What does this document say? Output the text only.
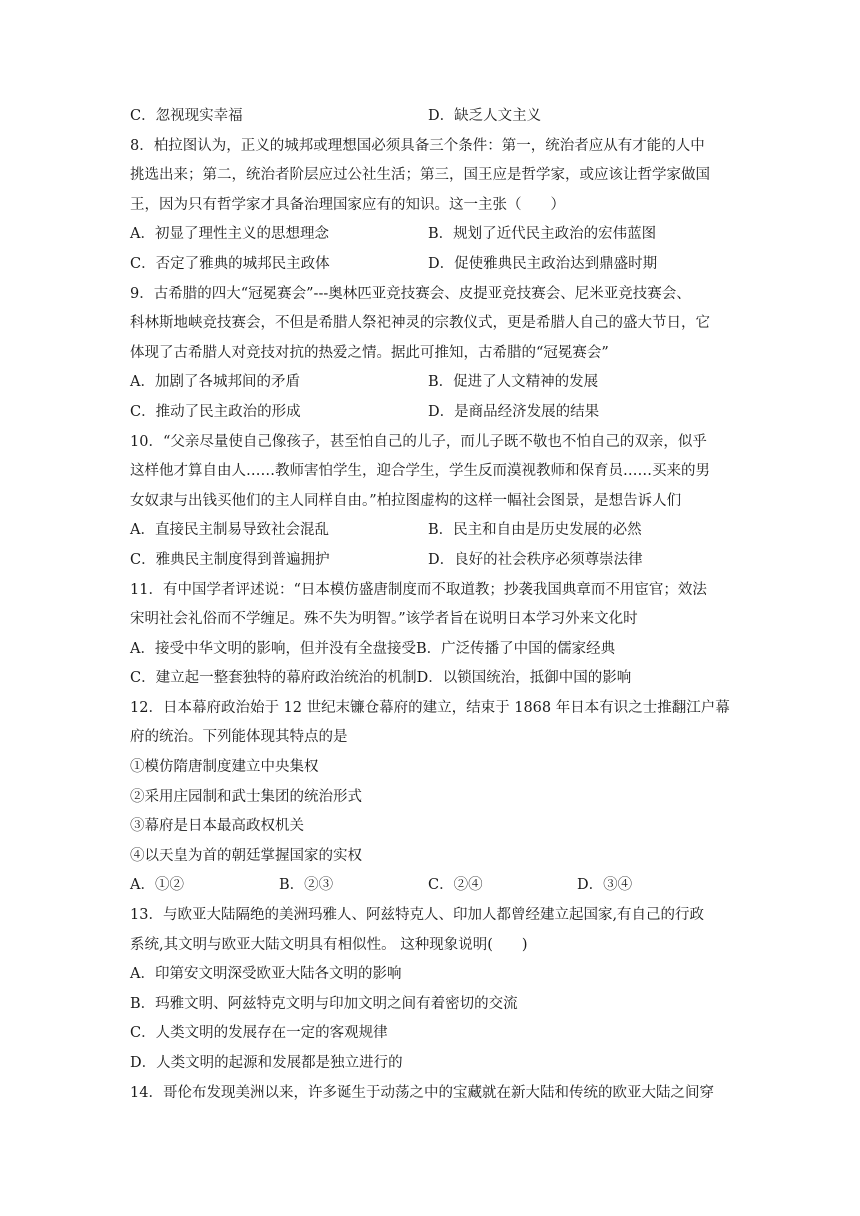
C．忽视现实幸福	D．缺乏人文主义
8．柏拉图认为，正义的城邦或理想国必须具备三个条件：第一，统治者应从有才能的人中
挑选出来；第二，统治者阶层应过公社生活；第三，国王应是哲学家，或应该让哲学家做国
王，因为只有哲学家才具备治理国家应有的知识。这一主张（　　）
A．初显了理性主义的思想理念	B．规划了近代民主政治的宏伟蓝图
C．否定了雅典的城邦民主政体	D．促使雅典民主政治达到鼎盛时期
9．古希腊的四大“冠冕赛会”---奥林匹亚竞技赛会、皮提亚竞技赛会、尼米亚竞技赛会、
科林斯地峡竞技赛会，不但是希腊人祭祀神灵的宗教仪式，更是希腊人自己的盛大节日，它
体现了古希腊人对竞技对抗的热爱之情。据此可推知，古希腊的“冠冕赛会”
A．加剧了各城邦间的矛盾	B．促进了人文精神的发展
C．推动了民主政治的形成	D．是商品经济发展的结果
10．“父亲尽量使自己像孩子，甚至怕自己的儿子，而儿子既不敬也不怕自己的双亲，似乎
这样他才算自由人……教师害怕学生，迎合学生，学生反而漠视教师和保育员……买来的男
女奴隶与出钱买他们的主人同样自由。”柏拉图虚构的这样一幅社会图景，是想告诉人们
A．直接民主制易导致社会混乱	B．民主和自由是历史发展的必然
C．雅典民主制度得到普遍拥护	D．良好的社会秩序必须尊崇法律
11．有中国学者评述说：“日本模仿盛唐制度而不取道教；抄袭我国典章而不用宦官；效法
宋明社会礼俗而不学缠足。殊不失为明智。”该学者旨在说明日本学习外来文化时
A．接受中华文明的影响，但并没有全盘接受 B．广泛传播了中国的儒家经典
C．建立起一整套独特的幕府政治统治的机制 D．以锁国统治，抵御中国的影响
12．日本幕府政治始于 12 世纪末镰仓幕府的建立，结束于 1868 年日本有识之士推翻江户幕
府的统治。下列能体现其特点的是
①模仿隋唐制度建立中央集权
②采用庄园制和武士集团的统治形式
③幕府是日本最高政权机关
④以天皇为首的朝廷掌握国家的实权
A．①②	B．②③	C．②④	D．③④
13．与欧亚大陆隔绝的美洲玛雅人、阿兹特克人、印加人都曾经建立起国家,有自己的行政
系统,其文明与欧亚大陆文明具有相似性。 这种现象说明(　　)
A．印第安文明深受欧亚大陆各文明的影响
B．玛雅文明、阿兹特克文明与印加文明之间有着密切的交流
C．人类文明的发展存在一定的客观规律
D．人类文明的起源和发展都是独立进行的
14．哥伦布发现美洲以来，许多诞生于动荡之中的宝藏就在新大陆和传统的欧亚大陆之间穿
